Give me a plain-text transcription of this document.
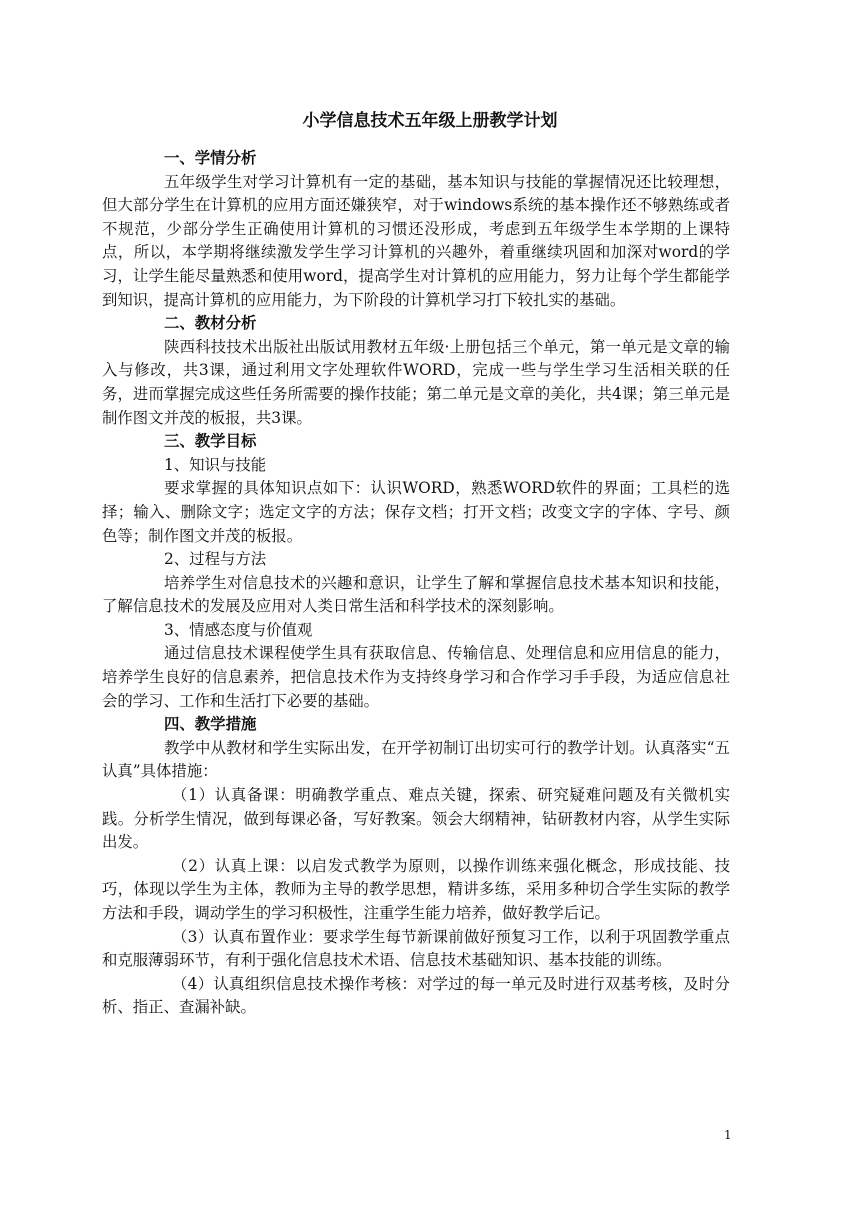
小学信息技术五年级上册教学计划

一、学情分析

五年级学生对学习计算机有一定的基础，基本知识与技能的掌握情况还比较理想，但大部分学生在计算机的应用方面还嫌狭窄，对于windows系统的基本操作还不够熟练或者不规范，少部分学生正确使用计算机的习惯还没形成，考虑到五年级学生本学期的上课特点，所以，本学期将继续激发学生学习计算机的兴趣外，着重继续巩固和加深对word的学习，让学生能尽量熟悉和使用word，提高学生对计算机的应用能力，努力让每个学生都能学到知识，提高计算机的应用能力，为下阶段的计算机学习打下较扎实的基础。

二、教材分析

陕西科技技术出版社出版试用教材五年级·上册包括三个单元，第一单元是文章的输入与修改，共3课，通过利用文字处理软件WORD，完成一些与学生学习生活相关联的任务，进而掌握完成这些任务所需要的操作技能；第二单元是文章的美化，共4课；第三单元是制作图文并茂的板报，共3课。

三、教学目标

1、知识与技能

要求掌握的具体知识点如下：认识WORD，熟悉WORD软件的界面；工具栏的选择；输入、删除文字；选定文字的方法；保存文档；打开文档；改变文字的字体、字号、颜色等；制作图文并茂的板报。

2、过程与方法

培养学生对信息技术的兴趣和意识，让学生了解和掌握信息技术基本知识和技能，了解信息技术的发展及应用对人类日常生活和科学技术的深刻影响。

3、情感态度与价值观

通过信息技术课程使学生具有获取信息、传输信息、处理信息和应用信息的能力，培养学生良好的信息素养，把信息技术作为支持终身学习和合作学习手手段，为适应信息社会的学习、工作和生活打下必要的基础。

四、教学措施

教学中从教材和学生实际出发，在开学初制订出切实可行的教学计划。认真落实“五认真”具体措施：

（1）认真备课：明确教学重点、难点关键，探索、研究疑难问题及有关微机实践。分析学生情况，做到每课必备，写好教案。领会大纲精神，钻研教材内容，从学生实际出发。

（2）认真上课：以启发式教学为原则，以操作训练来强化概念，形成技能、技巧，体现以学生为主体，教师为主导的教学思想，精讲多练，采用多种切合学生实际的教学方法和手段，调动学生的学习积极性，注重学生能力培养，做好教学后记。

（3）认真布置作业：要求学生每节新课前做好预复习工作，以利于巩固教学重点和克服薄弱环节，有利于强化信息技术术语、信息技术基础知识、基本技能的训练。

（4）认真组织信息技术操作考核：对学过的每一单元及时进行双基考核，及时分析、指正、查漏补缺。

1
